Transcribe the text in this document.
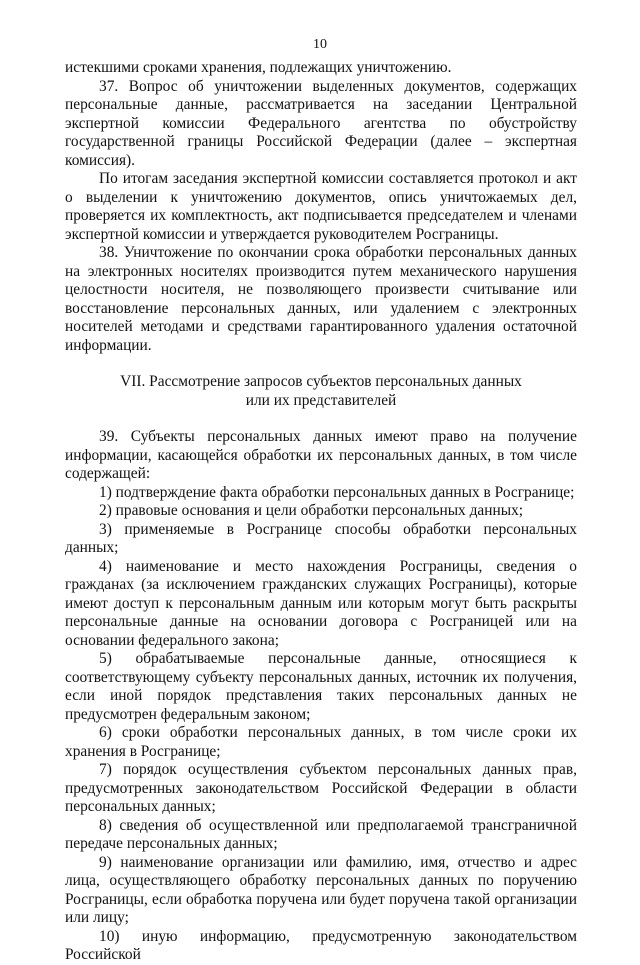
10

истекшими сроками хранения, подлежащих уничтожению.

37. Вопрос об уничтожении выделенных документов, содержащих персональные данные, рассматривается на заседании Центральной экспертной комиссии Федерального агентства по обустройству государственной границы Российской Федерации (далее – экспертная комиссия).

По итогам заседания экспертной комиссии составляется протокол и акт о выделении к уничтожению документов, опись уничтожаемых дел, проверяется их комплектность, акт подписывается председателем и членами экспертной комиссии и утверждается руководителем Росграницы.

38. Уничтожение по окончании срока обработки персональных данных на электронных носителях производится путем механического нарушения целостности носителя, не позволяющего произвести считывание или восстановление персональных данных, или удалением с электронных носителей методами и средствами гарантированного удаления остаточной информации.

VII. Рассмотрение запросов субъектов персональных данных
или их представителей

39. Субъекты персональных данных имеют право на получение информации, касающейся обработки их персональных данных, в том числе содержащей:

1) подтверждение факта обработки персональных данных в Росгранице;

2) правовые основания и цели обработки персональных данных;

3) применяемые в Росгранице способы обработки персональных данных;

4) наименование и место нахождения Росграницы, сведения о гражданах (за исключением гражданских служащих Росграницы), которые имеют доступ к персональным данным или которым могут быть раскрыты персональные данные на основании договора с Росграницей или на основании федерального закона;

5) обрабатываемые персональные данные, относящиеся к соответствующему субъекту персональных данных, источник их получения, если иной порядок представления таких персональных данных не предусмотрен федеральным законом;

6) сроки обработки персональных данных, в том числе сроки их хранения в Росгранице;

7) порядок осуществления субъектом персональных данных прав, предусмотренных законодательством Российской Федерации в области персональных данных;

8) сведения об осуществленной или предполагаемой трансграничной передаче персональных данных;

9) наименование организации или фамилию, имя, отчество и адрес лица, осуществляющего обработку персональных данных по поручению Росграницы, если обработка поручена или будет поручена такой организации или лицу;

10) иную информацию, предусмотренную законодательством Российской
